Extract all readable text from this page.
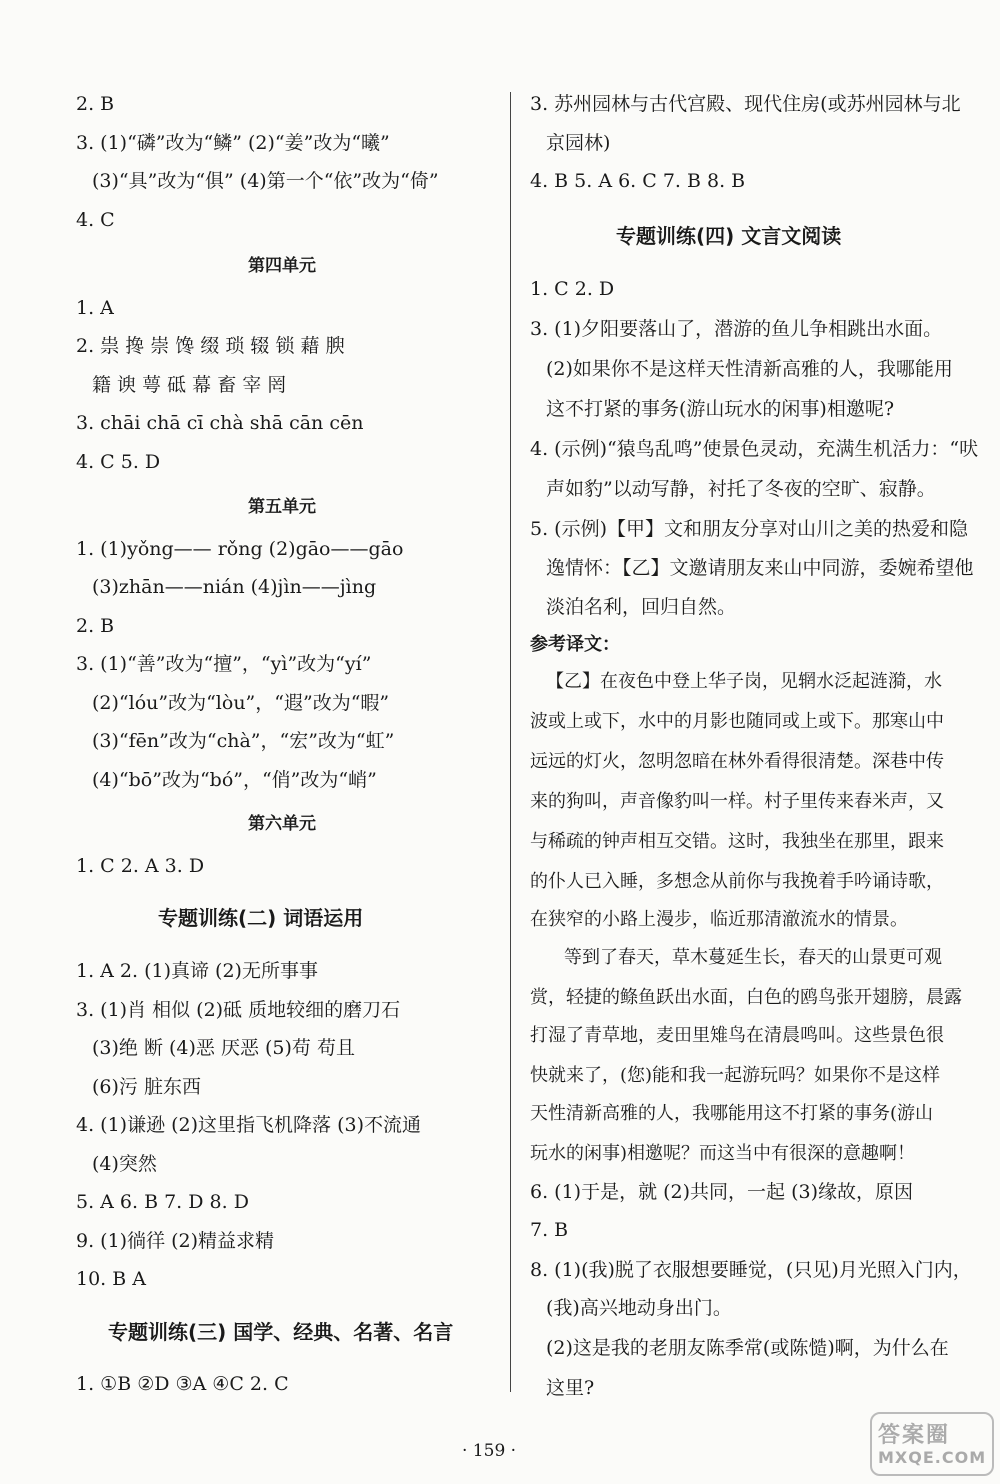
2. B
3. (1)“磷”改为“鳞” (2)“姜”改为“曦”
(3)“具”改为“俱” (4)第一个“依”改为“倚”
4. C
第四单元
1. A
2. 祟 搀 崇 馋 缀 琐 辍 锁 藉 腴
籍 谀 萼 砥 幕 畜 宰 罔
3. chāi chā cī chà shā cān cēn
4. C 5. D
第五单元
1. (1)yǒng—— rǒng (2)gāo——gāo
(3)zhān——nián (4)jìn——jìng
2. B
3. (1)“善”改为“擅”，“yì”改为“yí”
(2)“lóu”改为“lòu”，“遐”改为“暇”
(3)“fēn”改为“chà”，“宏”改为“虹”
(4)“bō”改为“bó”，“俏”改为“峭”
第六单元
1. C 2. A 3. D
专题训练(二) 词语运用
1. A 2. (1)真谛 (2)无所事事
3. (1)肖 相似 (2)砥 质地较细的磨刀石
(3)绝 断 (4)恶 厌恶 (5)苟 苟且
(6)污 脏东西
4. (1)谦逊 (2)这里指飞机降落 (3)不流通
(4)突然
5. A 6. B 7. D 8. D
9. (1)徜徉 (2)精益求精
10. B A
专题训练(三) 国学、经典、名著、名言
1. ①B ②D ③A ④C 2. C
3. 苏州园林与古代宫殿、现代住房(或苏州园林与北
京园林)
4. B 5. A 6. C 7. B 8. B
专题训练(四) 文言文阅读
1. C 2. D
3. (1)夕阳要落山了，潜游的鱼儿争相跳出水面。
(2)如果你不是这样天性清新高雅的人，我哪能用
这不打紧的事务(游山玩水的闲事)相邀呢?
4. (示例)“猿鸟乱鸣”使景色灵动，充满生机活力：“吠
声如豹”以动写静，衬托了冬夜的空旷、寂静。
5. (示例)【甲】文和朋友分享对山川之美的热爱和隐
逸情怀：【乙】文邀请朋友来山中同游，委婉希望他
淡泊名利，回归自然。
参考译文：
【乙】在夜色中登上华子岗，见辋水泛起涟漪，水
波或上或下，水中的月影也随同或上或下。那寒山中
远远的灯火，忽明忽暗在林外看得很清楚。深巷中传
来的狗叫，声音像豹叫一样。村子里传来舂米声，又
与稀疏的钟声相互交错。这时，我独坐在那里，跟来
的仆人已入睡，多想念从前你与我挽着手吟诵诗歌，
在狭窄的小路上漫步，临近那清澈流水的情景。
等到了春天，草木蔓延生长，春天的山景更可观
赏，轻捷的鲦鱼跃出水面，白色的鸥鸟张开翅膀，晨露
打湿了青草地，麦田里雉鸟在清晨鸣叫。这些景色很
快就来了，(您)能和我一起游玩吗？如果你不是这样
天性清新高雅的人，我哪能用这不打紧的事务(游山
玩水的闲事)相邀呢？而这当中有很深的意趣啊！
6. (1)于是，就 (2)共同，一起 (3)缘故，原因
7. B
8. (1)(我)脱了衣服想要睡觉，(只见)月光照入门内，
(我)高兴地动身出门。
(2)这是我的老朋友陈季常(或陈慥)啊，为什么在
这里?
· 159 ·
答案圈
MXQE.COM
